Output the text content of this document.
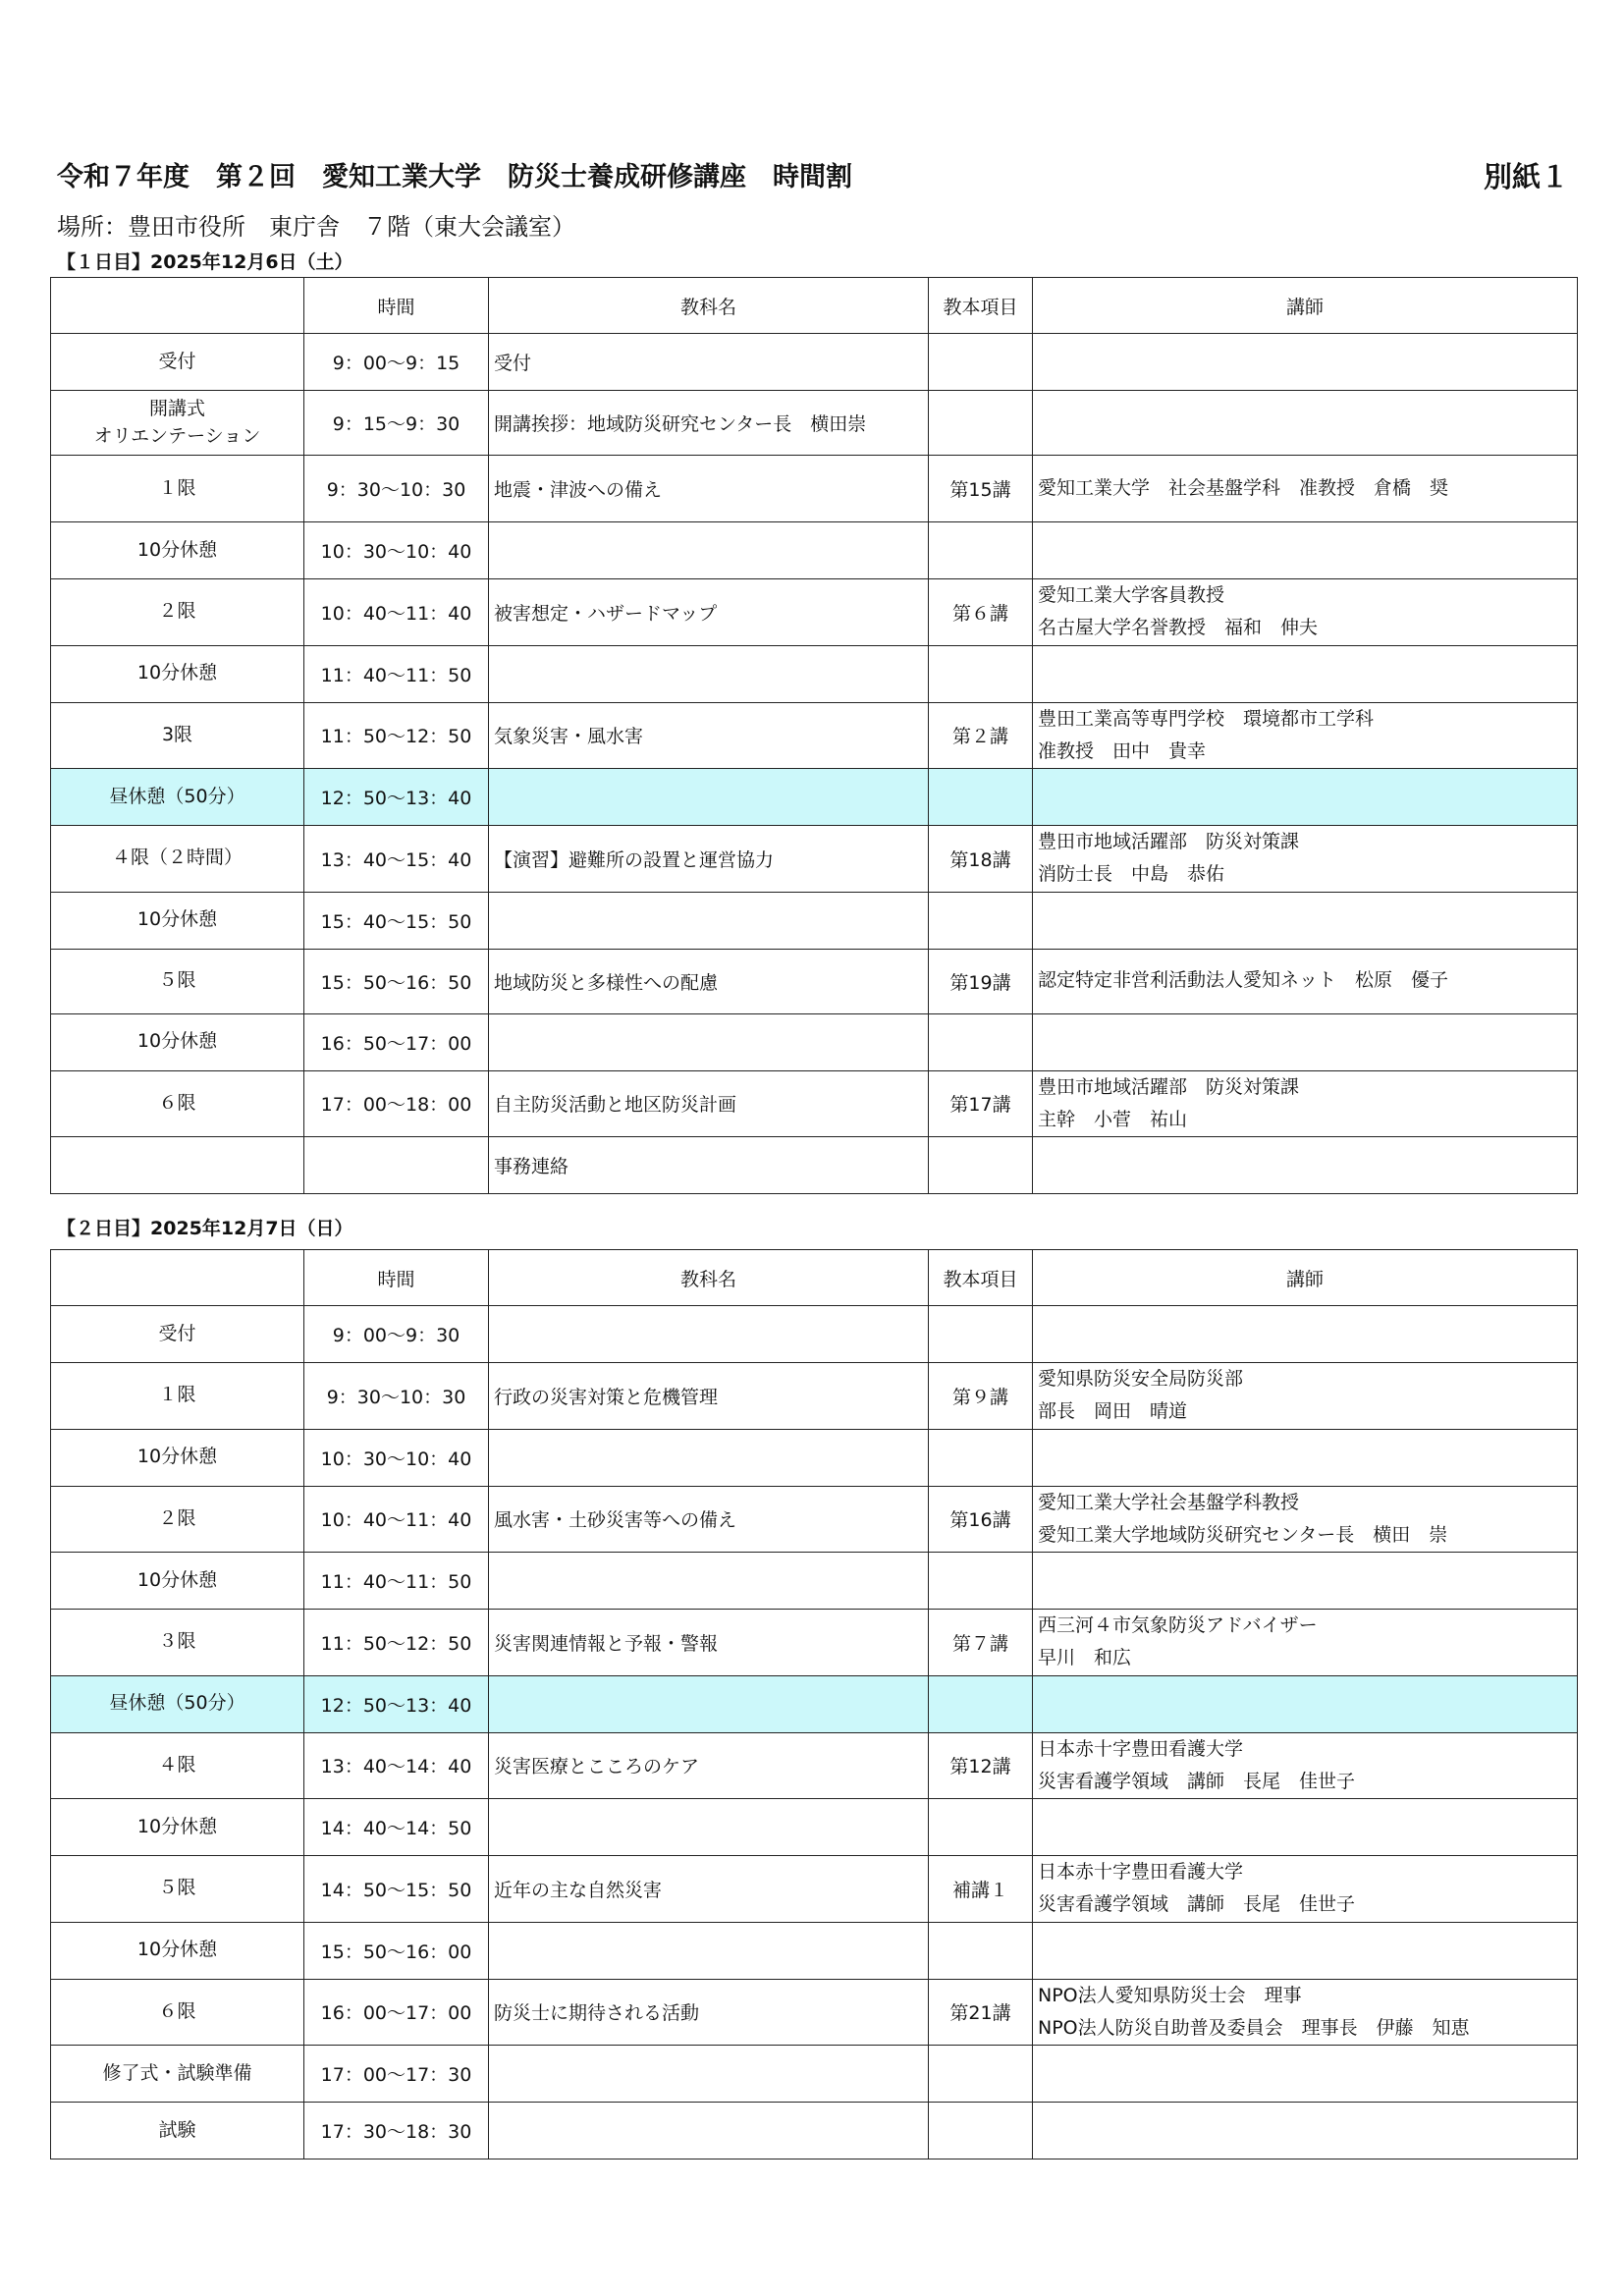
令和７年度　第２回　愛知工業大学　防災士養成研修講座　時間割	別紙１
場所：豊田市役所　東庁舎　７階（東大会議室）
【１日目】2025年12月6日（土）
	時間	教科名	教本項目	講師

受付	9：00〜9：15	受付		

開講式
オリエンテーション	9：15〜9：30	開講挨拶：地域防災研究センター長　横田崇		

１限	9：30〜10：30	地震・津波への備え	第15講	愛知工業大学　社会基盤学科　准教授　倉橋　奨

10分休憩	10：30〜10：40			

２限	10：40〜11：40	被害想定・ハザードマップ	第６講	愛知工業大学客員教授
名古屋大学名誉教授　福和　伸夫

10分休憩	11：40〜11：50			

3限	11：50〜12：50	気象災害・風水害	第２講	豊田工業高等専門学校　環境都市工学科
准教授　田中　貴幸

昼休憩（50分）	12：50〜13：40			

４限（２時間）	13：40〜15：40	【演習】避難所の設置と運営協力	第18講	豊田市地域活躍部　防災対策課
消防士長　中島　恭佑

10分休憩	15：40〜15：50			

５限	15：50〜16：50	地域防災と多様性への配慮	第19講	認定特定非営利活動法人愛知ネット　松原　優子

10分休憩	16：50〜17：00			

６限	17：00〜18：00	自主防災活動と地区防災計画	第17講	豊田市地域活躍部　防災対策課
主幹　小菅　祐山

		事務連絡		
【２日目】2025年12月7日（日）
	時間	教科名	教本項目	講師

受付	9：00〜9：30			

１限	9：30〜10：30	行政の災害対策と危機管理	第９講	愛知県防災安全局防災部
部長　岡田　晴道

10分休憩	10：30〜10：40			

２限	10：40〜11：40	風水害・土砂災害等への備え	第16講	愛知工業大学社会基盤学科教授
愛知工業大学地域防災研究センター長　横田　崇

10分休憩	11：40〜11：50			

３限	11：50〜12：50	災害関連情報と予報・警報	第７講	西三河４市気象防災アドバイザー
早川　和広

昼休憩（50分）	12：50〜13：40			

４限	13：40〜14：40	災害医療とこころのケア	第12講	日本赤十字豊田看護大学
災害看護学領域　講師　長尾　佳世子

10分休憩	14：40〜14：50			

５限	14：50〜15：50	近年の主な自然災害	補講１	日本赤十字豊田看護大学
災害看護学領域　講師　長尾　佳世子

10分休憩	15：50〜16：00			

６限	16：00〜17：00	防災士に期待される活動	第21講	NPO法人愛知県防災士会　理事
NPO法人防災自助普及委員会　理事長　伊藤　知恵

修了式・試験準備	17：00〜17：30			

試験	17：30〜18：30			
